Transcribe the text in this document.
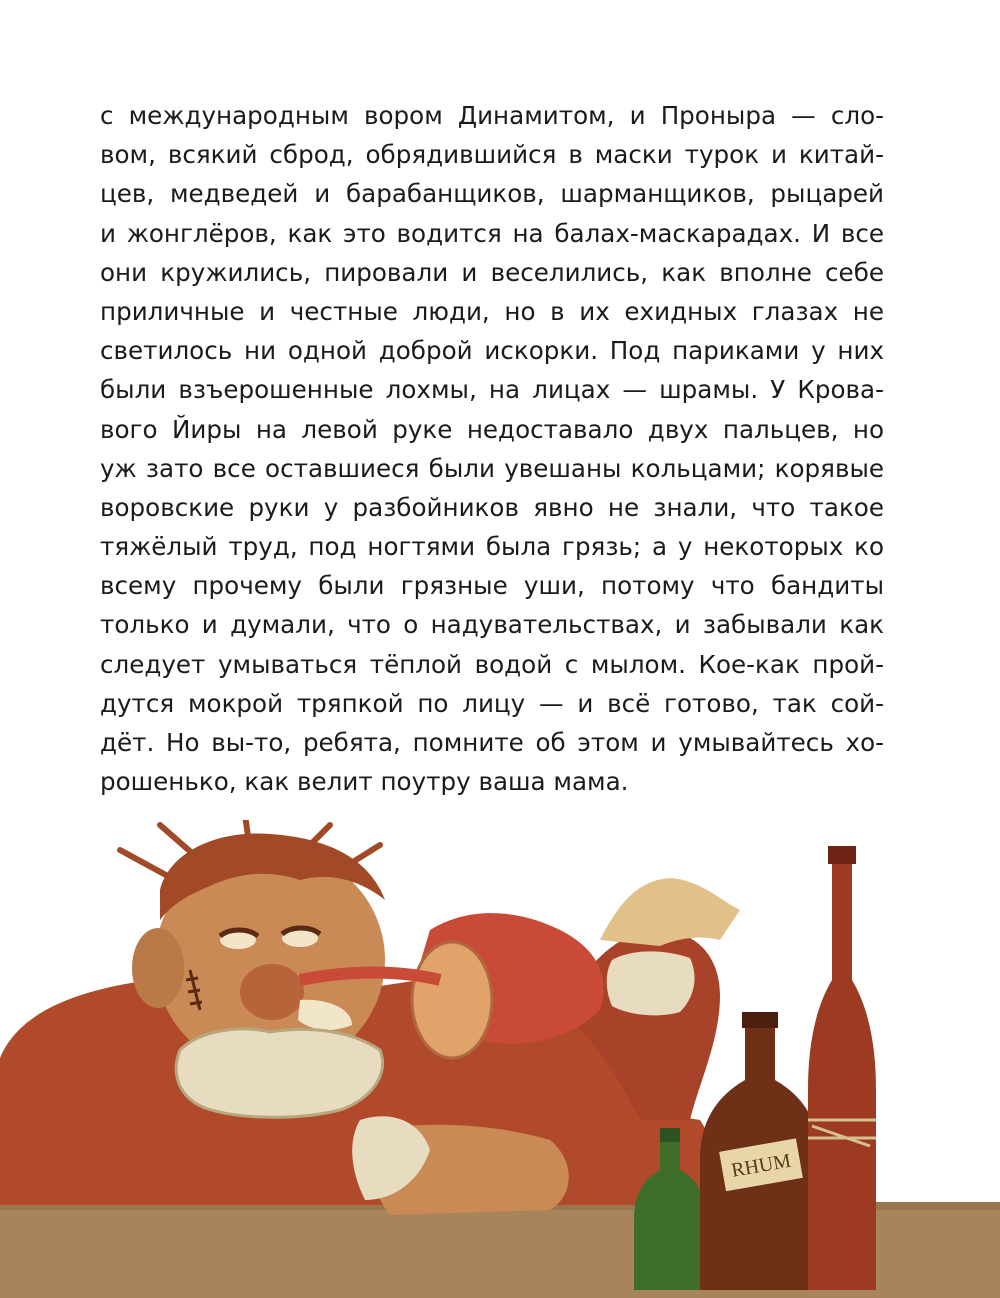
с международным вором Динамитом, и Проныра — сло-
вом, всякий сброд, обрядившийся в маски турок и китай-
цев, медведей и барабанщиков, шарманщиков, рыцарей
и жонглёров, как это водится на балах-маскарадах. И все
они кружились, пировали и веселились, как вполне себе
приличные и честные люди, но в их ехидных глазах не
светилось ни одной доброй искорки. Под париками у них
были взъерошенные лохмы, на лицах — шрамы. У Крова-
вого Йиры на левой руке недоставало двух пальцев, но
уж зато все оставшиеся были увешаны кольцами; корявые
воровские руки у разбойников явно не знали, что такое
тяжёлый труд, под ногтями была грязь; а у некоторых ко
всему прочему были грязные уши, потому что бандиты
только и думали, что о надувательствах, и забывали как
следует умываться тёплой водой с мылом. Кое-как прой-
дутся мокрой тряпкой по лицу — и всё готово, так сой-
дёт. Но вы-то, ребята, помните об этом и умывайтесь хо-
рошенько, как велит поутру ваша мама.
RHUM
